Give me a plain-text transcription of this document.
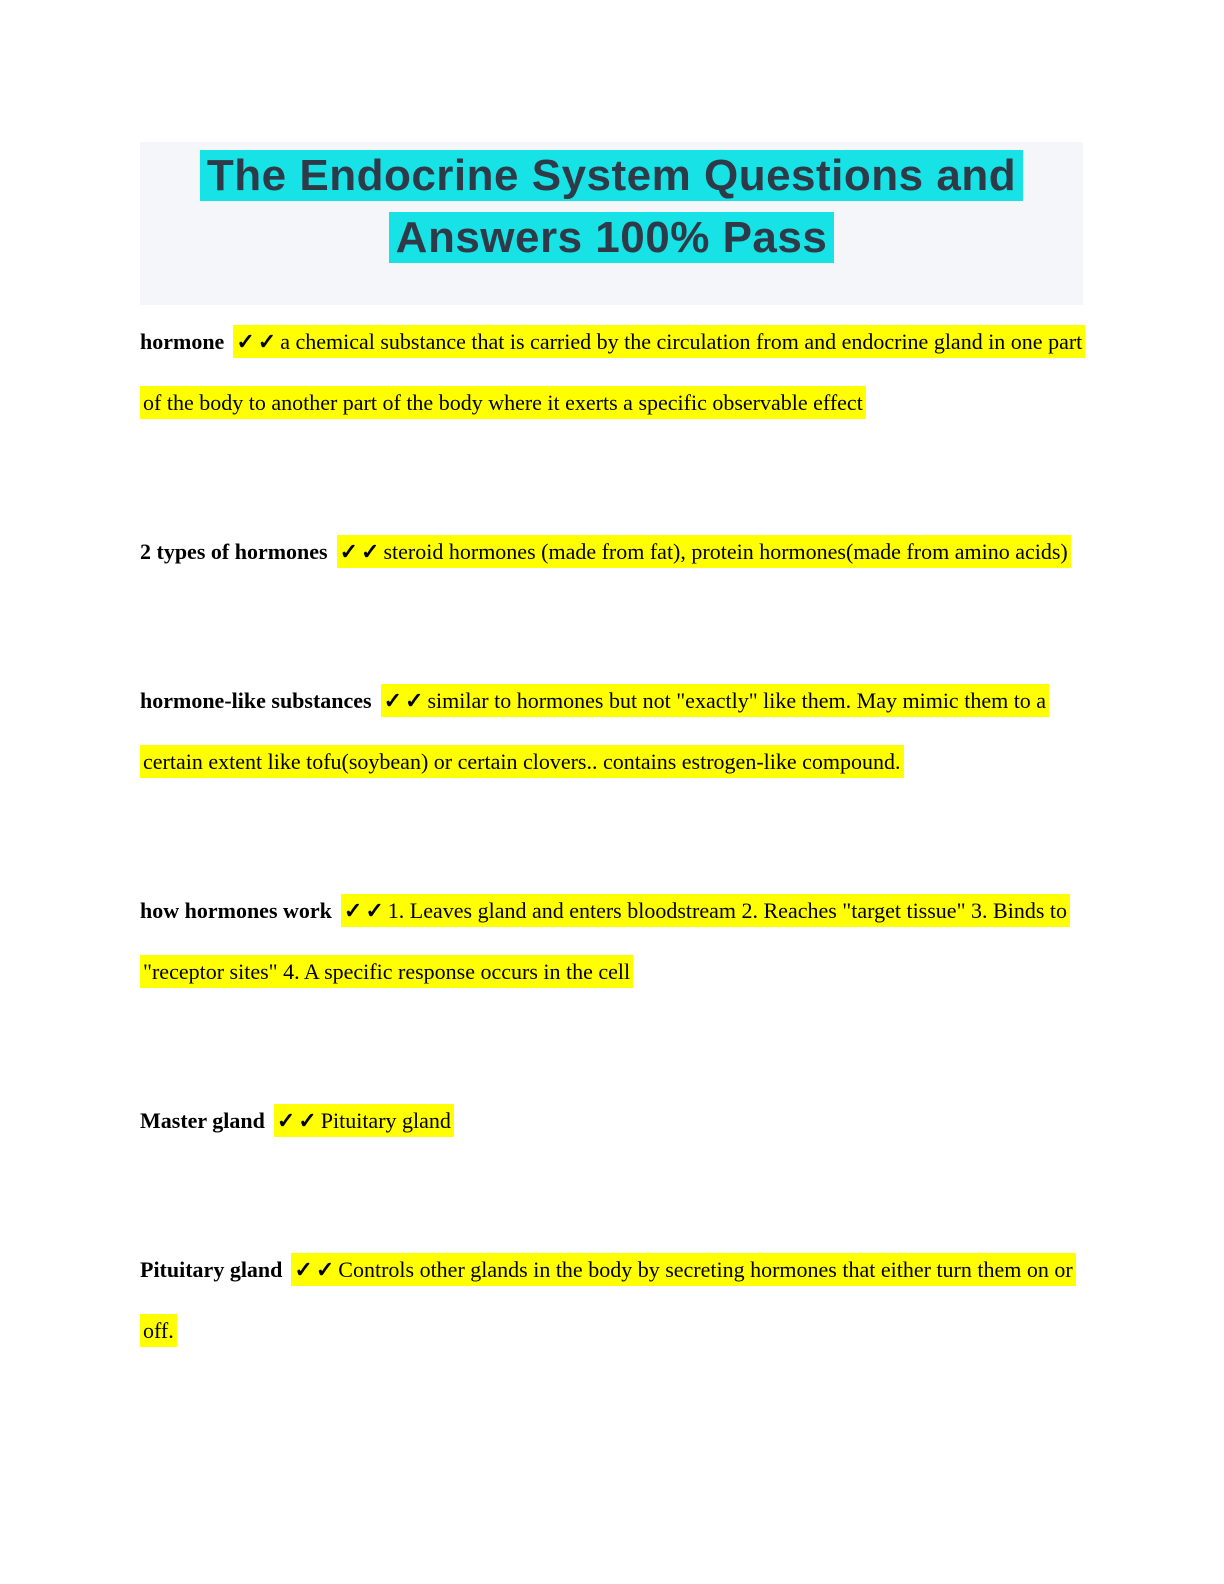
The Endocrine System Questions and
Answers 100% Pass

hormone ✓✓a chemical substance that is carried by the circulation from and endocrine gland in one part of the body to another part of the body where it exerts a specific observable effect

2 types of hormones ✓✓steroid hormones (made from fat), protein hormones(made from amino acids)

hormone-like substances ✓✓similar to hormones but not "exactly" like them. May mimic them to a certain extent like tofu(soybean) or certain clovers.. contains estrogen-like compound.

how hormones work ✓✓1. Leaves gland and enters bloodstream 2. Reaches "target tissue" 3. Binds to "receptor sites" 4. A specific response occurs in the cell

Master gland ✓✓Pituitary gland

Pituitary gland ✓✓Controls other glands in the body by secreting hormones that either turn them on or off.
